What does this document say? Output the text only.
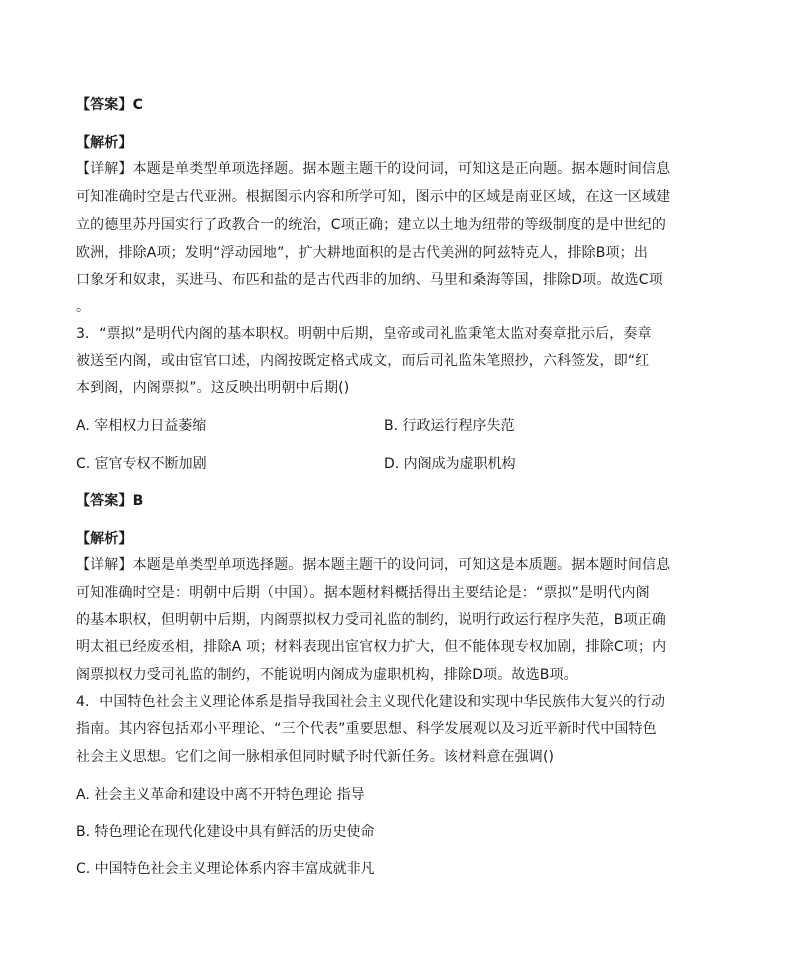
【答案】C
【解析】
【详解】本题是单类型单项选择题。据本题主题干的设问词，可知这是正向题。据本题时间信息
可知准确时空是古代亚洲。根据图示内容和所学可知，图示中的区域是南亚区域，在这一区域建
立的德里苏丹国实行了政教合一的统治，C项正确；建立以土地为纽带的等级制度的是中世纪的
欧洲，排除A项；发明“浮动园地”，扩大耕地面积的是古代美洲的阿兹特克人，排除B项；出
口象牙和奴隶，买进马、布匹和盐的是古代西非的加纳、马里和桑海等国，排除D项。故选C项
。
3．“票拟”是明代内阁的基本职权。明朝中后期，皇帝或司礼监秉笔太监对奏章批示后，奏章
被送至内阁，或由宦官口述，内阁按既定格式成文，而后司礼监朱笔照抄，六科签发，即“红
本到阁，内阁票拟”。这反映出明朝中后期()
A. 宰相权力日益萎缩	B. 行政运行程序失范
C. 宦官专权不断加剧	D. 内阁成为虚职机构
【答案】B
【解析】
【详解】本题是单类型单项选择题。据本题主题干的设问词，可知这是本质题。据本题时间信息
可知准确时空是：明朝中后期（中国）。据本题材料概括得出主要结论是：“票拟”是明代内阁
的基本职权，但明朝中后期，内阁票拟权力受司礼监的制约，说明行政运行程序失范，B项正确
明太祖已经废丞相，排除A 项；材料表现出宦官权力扩大，但不能体现专权加剧，排除C项；内
阁票拟权力受司礼监的制约，不能说明内阁成为虚职机构，排除D项。故选B项。
4．中国特色社会主义理论体系是指导我国社会主义现代化建设和实现中华民族伟大复兴的行动
指南。其内容包括邓小平理论、“三个代表”重要思想、科学发展观以及习近平新时代中国特色
社会主义思想。它们之间一脉相承但同时赋予时代新任务。该材料意在强调()
A. 社会主义革命和建设中离不开特色理论 指导
B. 特色理论在现代化建设中具有鲜活的历史使命
C. 中国特色社会主义理论体系内容丰富成就非凡
